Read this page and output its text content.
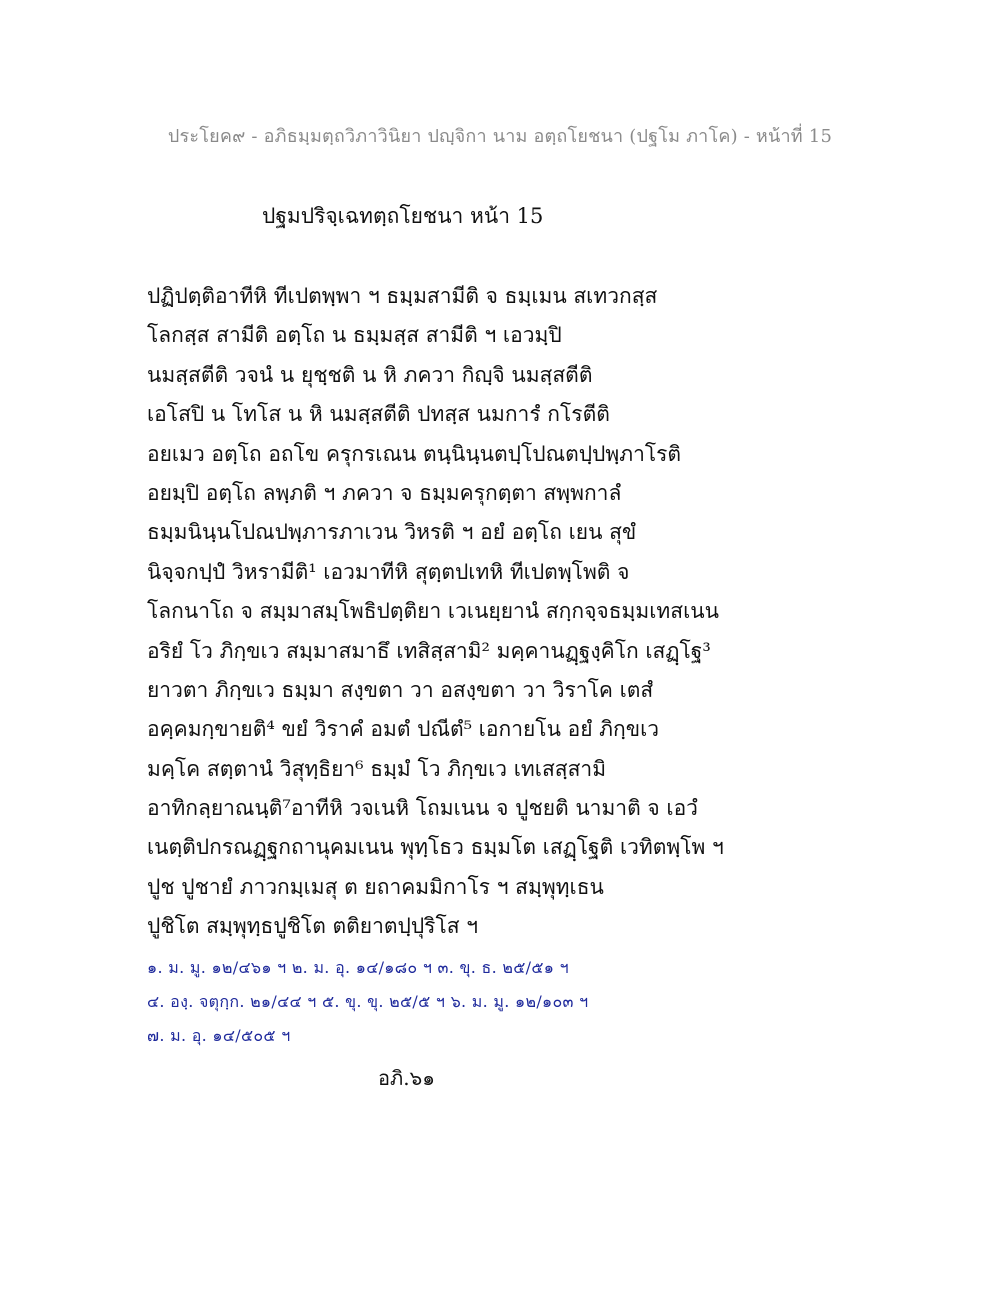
ประโยค๙ - อภิธมฺมตฺถวิภาวินิยา ปญฺจิกา นาม อตฺถโยชนา (ปฐโม ภาโค) - หน้าที่ 15
ปฐมปริจฺเฉทตฺถโยชนา หน้า 15
ปฏิปตฺติอาทีหิ ทีเปตพฺพา ฯ ธมฺมสามีติ จ ธมฺเมน สเทวกสฺส
โลกสฺส สามีติ อตฺโถ น ธมฺมสฺส สามีติ ฯ เอวมฺปิ
นมสฺสตีติ วจนํ น ยุชฺชติ น หิ ภควา กิญฺจิ นมสฺสตีติ
เอโสปิ น โทโส น หิ นมสฺสตีติ ปทสฺส นมการํ กโรตีติ
อยเมว อตฺโถ อถโข ครุกรเณน ตนฺนินฺนตปฺโปณตปฺปพฺภาโรติ
อยมฺปิ อตฺโถ ลพฺภติ ฯ ภควา จ ธมฺมครุกตฺตา สพฺพกาลํ
ธมฺมนินฺนโปณปพฺภารภาเวน วิหรติ ฯ อยํ อตฺโถ เยน สุขํ
นิจฺจกปฺปํ วิหรามีติ¹ เอวมาทีหิ สุตฺตปเทหิ ทีเปตพฺโพติ จ
โลกนาโถ จ สมฺมาสมฺโพธิปตฺติยา เวเนยฺยานํ สกฺกจฺจธมฺมเทสเนน
อริยํ โว ภิกฺขเว สมฺมาสมาธึ เทสิสฺสามิ² มคฺคานฏฺฐงฺคิโก เสฏฺโฐ³
ยาวตา ภิกฺขเว ธมฺมา สงฺขตา วา อสงฺขตา วา วิราโค เตสํ
อคฺคมกฺขายติ⁴ ขยํ วิราคํ อมตํ ปณีตํ⁵ เอกายโน อยํ ภิกฺขเว
มคฺโค สตฺตานํ วิสุทฺธิยา⁶ ธมฺมํ โว ภิกฺขเว เทเสสฺสามิ
อาทิกลฺยาณนฺติ⁷อาทีหิ วจเนหิ โถมเนน จ ปูชยติ นามาติ จ เอวํ
เนตฺติปกรณฏฺฐกถานุคมเนน พุทฺโธว ธมฺมโต เสฏฺโฐติ เวทิตพฺโพ ฯ
ปูช ปูชายํ ภาวกมฺเมสุ ต ยถาคมมิกาโร ฯ สมฺพุทฺเธน
ปูชิโต สมฺพุทฺธปูชิโต ตติยาตปฺปุริโส ฯ
๑. ม. มู. ๑๒/๔๖๑ ฯ ๒. ม. อุ. ๑๔/๑๘๐ ฯ ๓. ขุ. ธ. ๒๕/๕๑ ฯ
๔. องฺ. จตุกฺก. ๒๑/๔๔ ฯ ๕. ขุ. ขุ. ๒๕/๕ ฯ ๖. ม. มู. ๑๒/๑๐๓ ฯ
๗. ม. อุ. ๑๔/๕๐๕ ฯ
อภิ.๖๑
